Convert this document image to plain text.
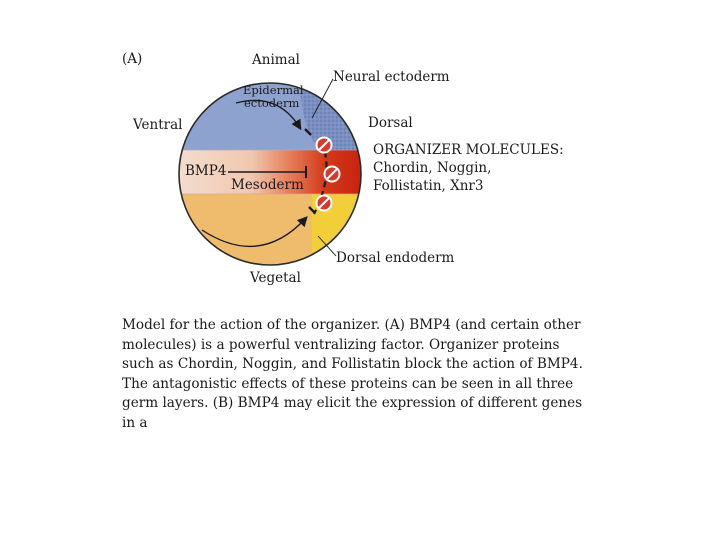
(A)	Animal
Vegetal
Ventral	Dorsal
Neural ectoderm
Epidermal
ectoderm
BMP4
Mesoderm
Dorsal endoderm
ORGANIZER MOLECULES:
Chordin, Noggin,
Follistatin, Xnr3
Model for the action of the organizer. (A) BMP4 (and certain other molecules) is a powerful ventralizing factor. Organizer proteins such as Chordin, Noggin, and Follistatin block the action of BMP4. The antagonistic effects of these proteins can be seen in all three germ layers. (B) BMP4 may elicit the expression of different genes in a
